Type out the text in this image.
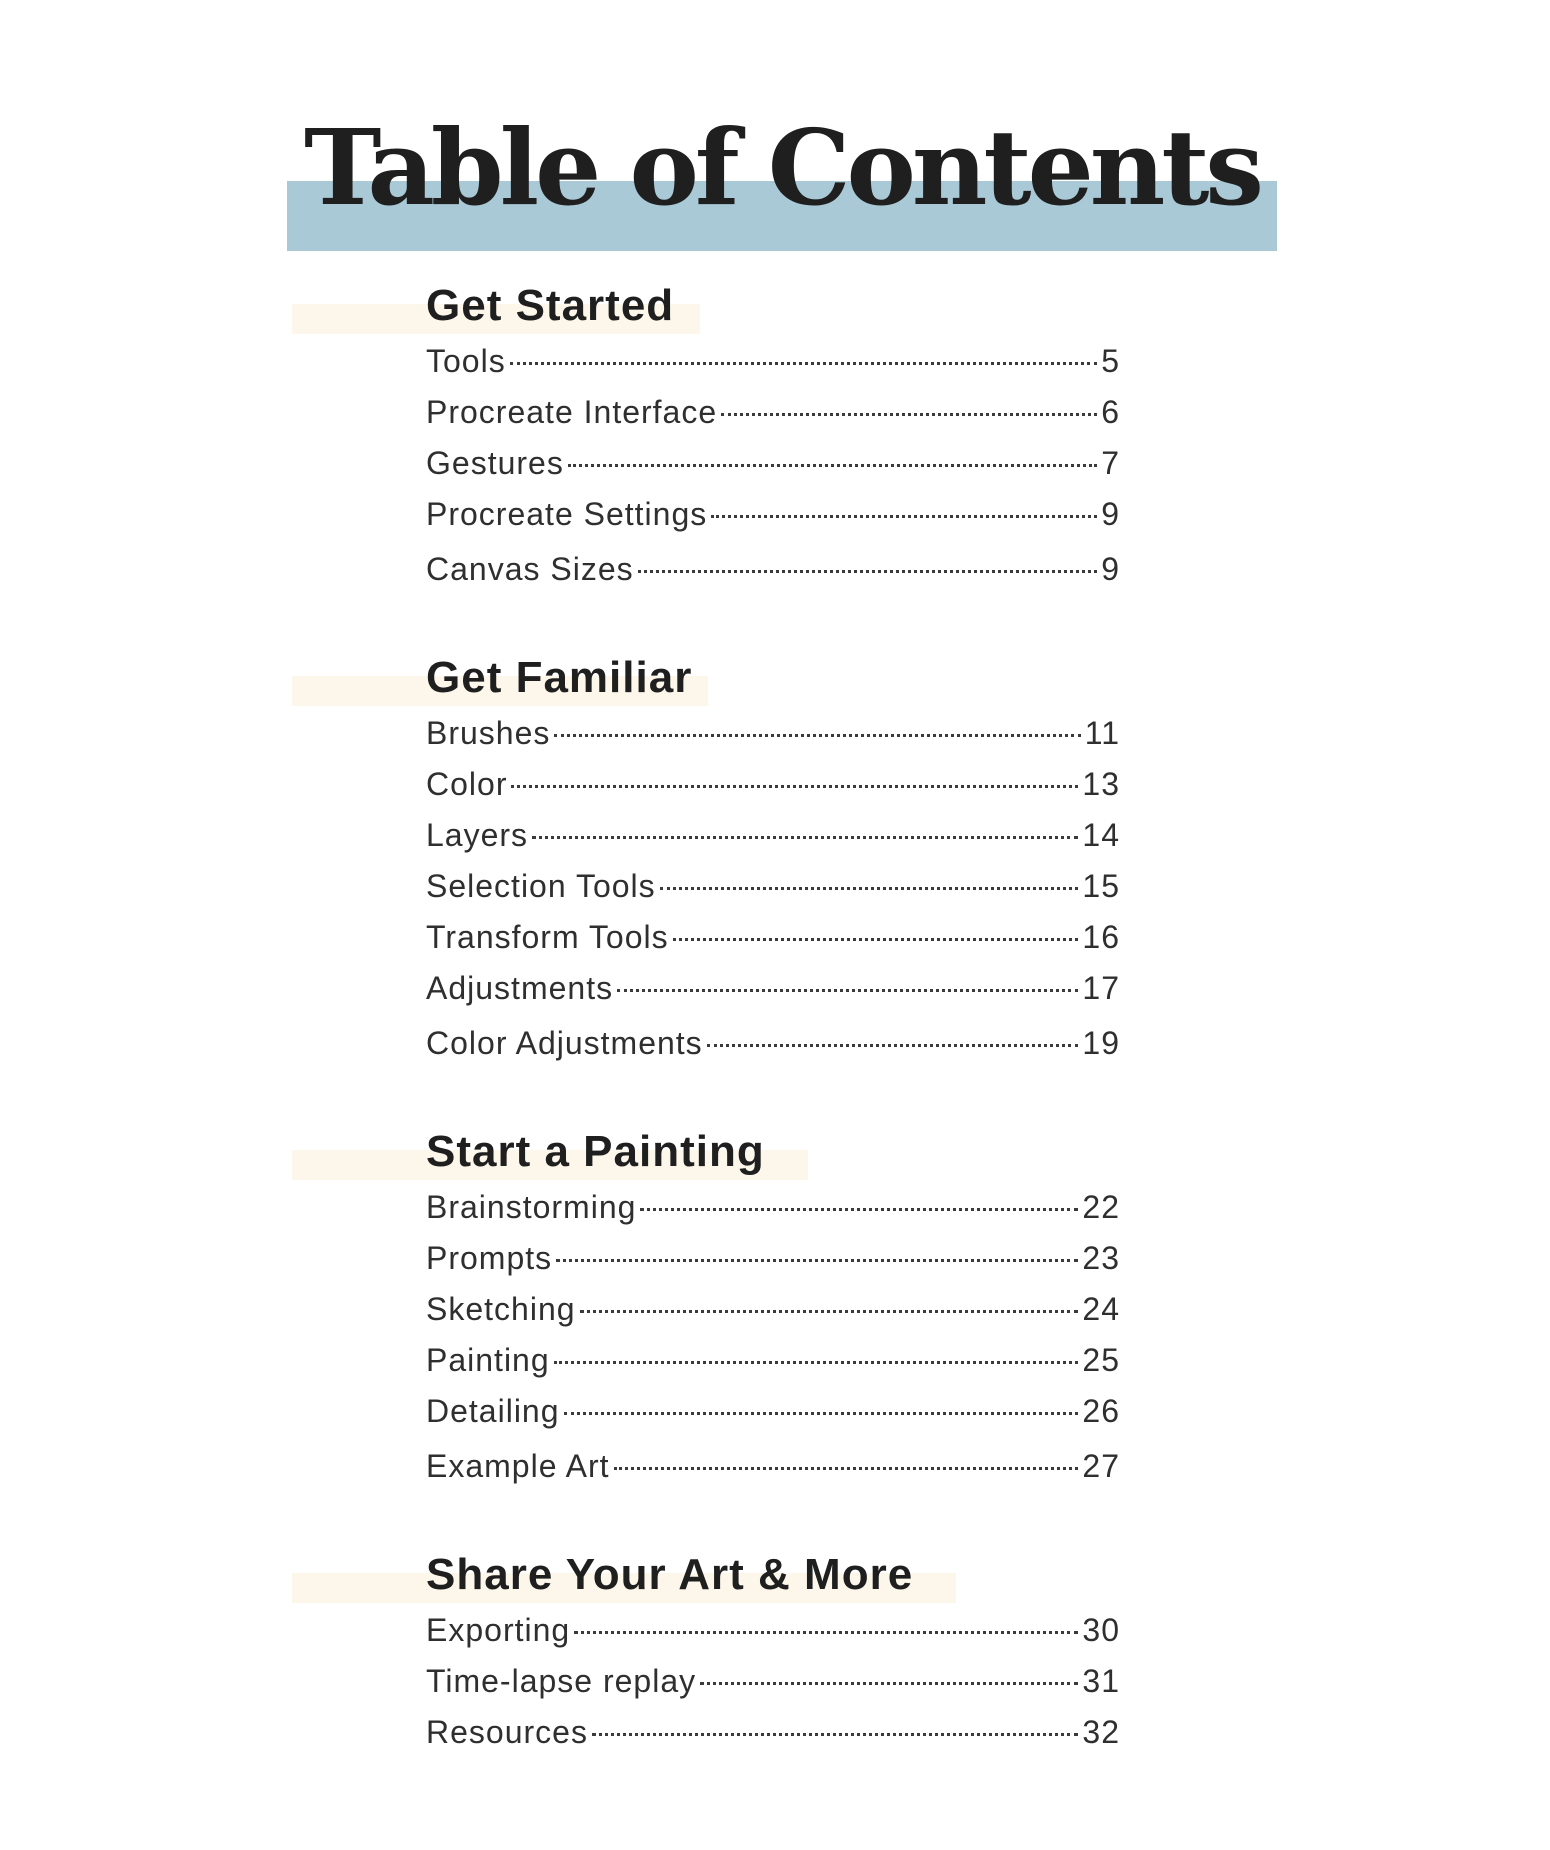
Table of Contents
Get Started
Tools	5
Procreate Interface	6
Gestures	7
Procreate Settings	9
Canvas Sizes	9
Get Familiar
Brushes	11
Color	13
Layers	14
Selection Tools	15
Transform Tools	16
Adjustments	17
Color Adjustments	19
Start a Painting
Brainstorming	22
Prompts	23
Sketching	24
Painting	25
Detailing	26
Example Art	27
Share Your Art & More
Exporting	30
Time-lapse replay	31
Resources	32
